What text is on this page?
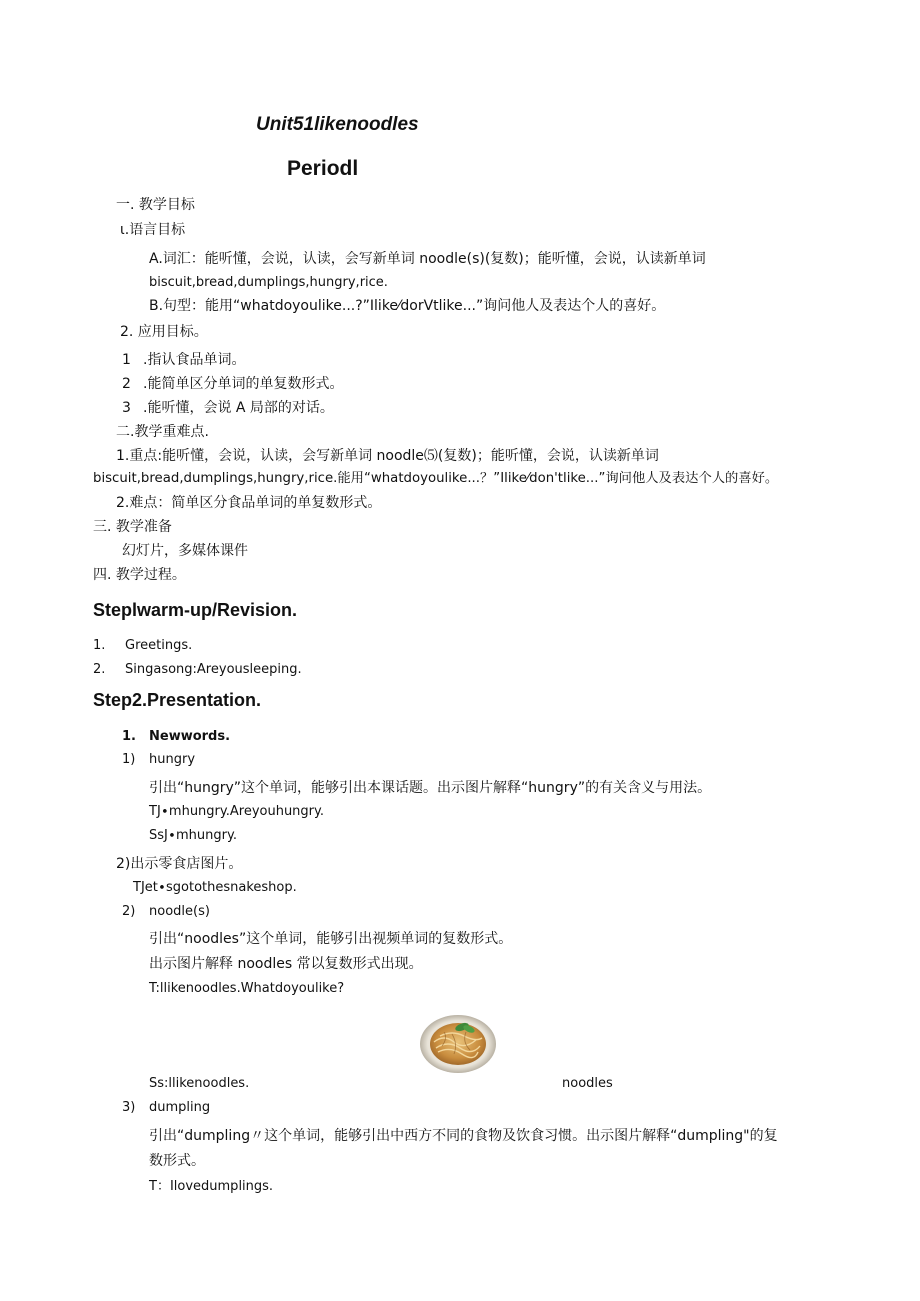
Unit51likenoodles
Periodl
一. 教学目标
ι.语言目标
A.词汇：能听懂，会说，认读，会写新单词 noodle(s)(复数)；能听懂，会说，认读新单词
biscuit,bread,dumplings,hungry,rice.
B.句型：能用“whatdoyoulike...?”Ilike⁄dorVtlike...”询问他人及表达个人的喜好。
2. 应用目标。
1 .指认食品单词。
2 .能简单区分单词的单复数形式。
3 .能听懂，会说 A 局部的对话。
二.教学重难点.
1.重点:能听懂，会说，认读，会写新单词 noodle⑸(复数)；能听懂，会说，认读新单词
biscuit,bread,dumplings,hungry,rice.能用“whatdoyoulike...？”Ilike⁄don'tlike...”询问他人及表达个人的喜好。
2.难点：简单区分食品单词的单复数形式。
三. 教学准备
幻灯片，多媒体课件
四. 教学过程。
Steplwarm-up/Revision.
1. Greetings.
2. Singasong:Areyousleeping.
Step2.Presentation.
1. Newwords.
1) hungry
引出“hungry”这个单词，能够引出本课话题。出示图片解释“hungry”的有关含义与用法。
TJ∙mhungry.Areyouhungry.
SsJ∙mhungry.
2)出示零食店图片。
TJet∙sgotothesnakeshop.
2) noodle(s)
引出“noodles”这个单词，能够引出视频单词的复数形式。
出示图片解释 noodles 常以复数形式出现。
T:llikenoodles.Whatdoyoulike?
Ss:llikenoodles.	noodles
3) dumpling
引出“dumpling〃这个单词，能够引出中西方不同的食物及饮食习惯。出示图片解释“dumpling"的复
数形式。
T：Ilovedumplings.
